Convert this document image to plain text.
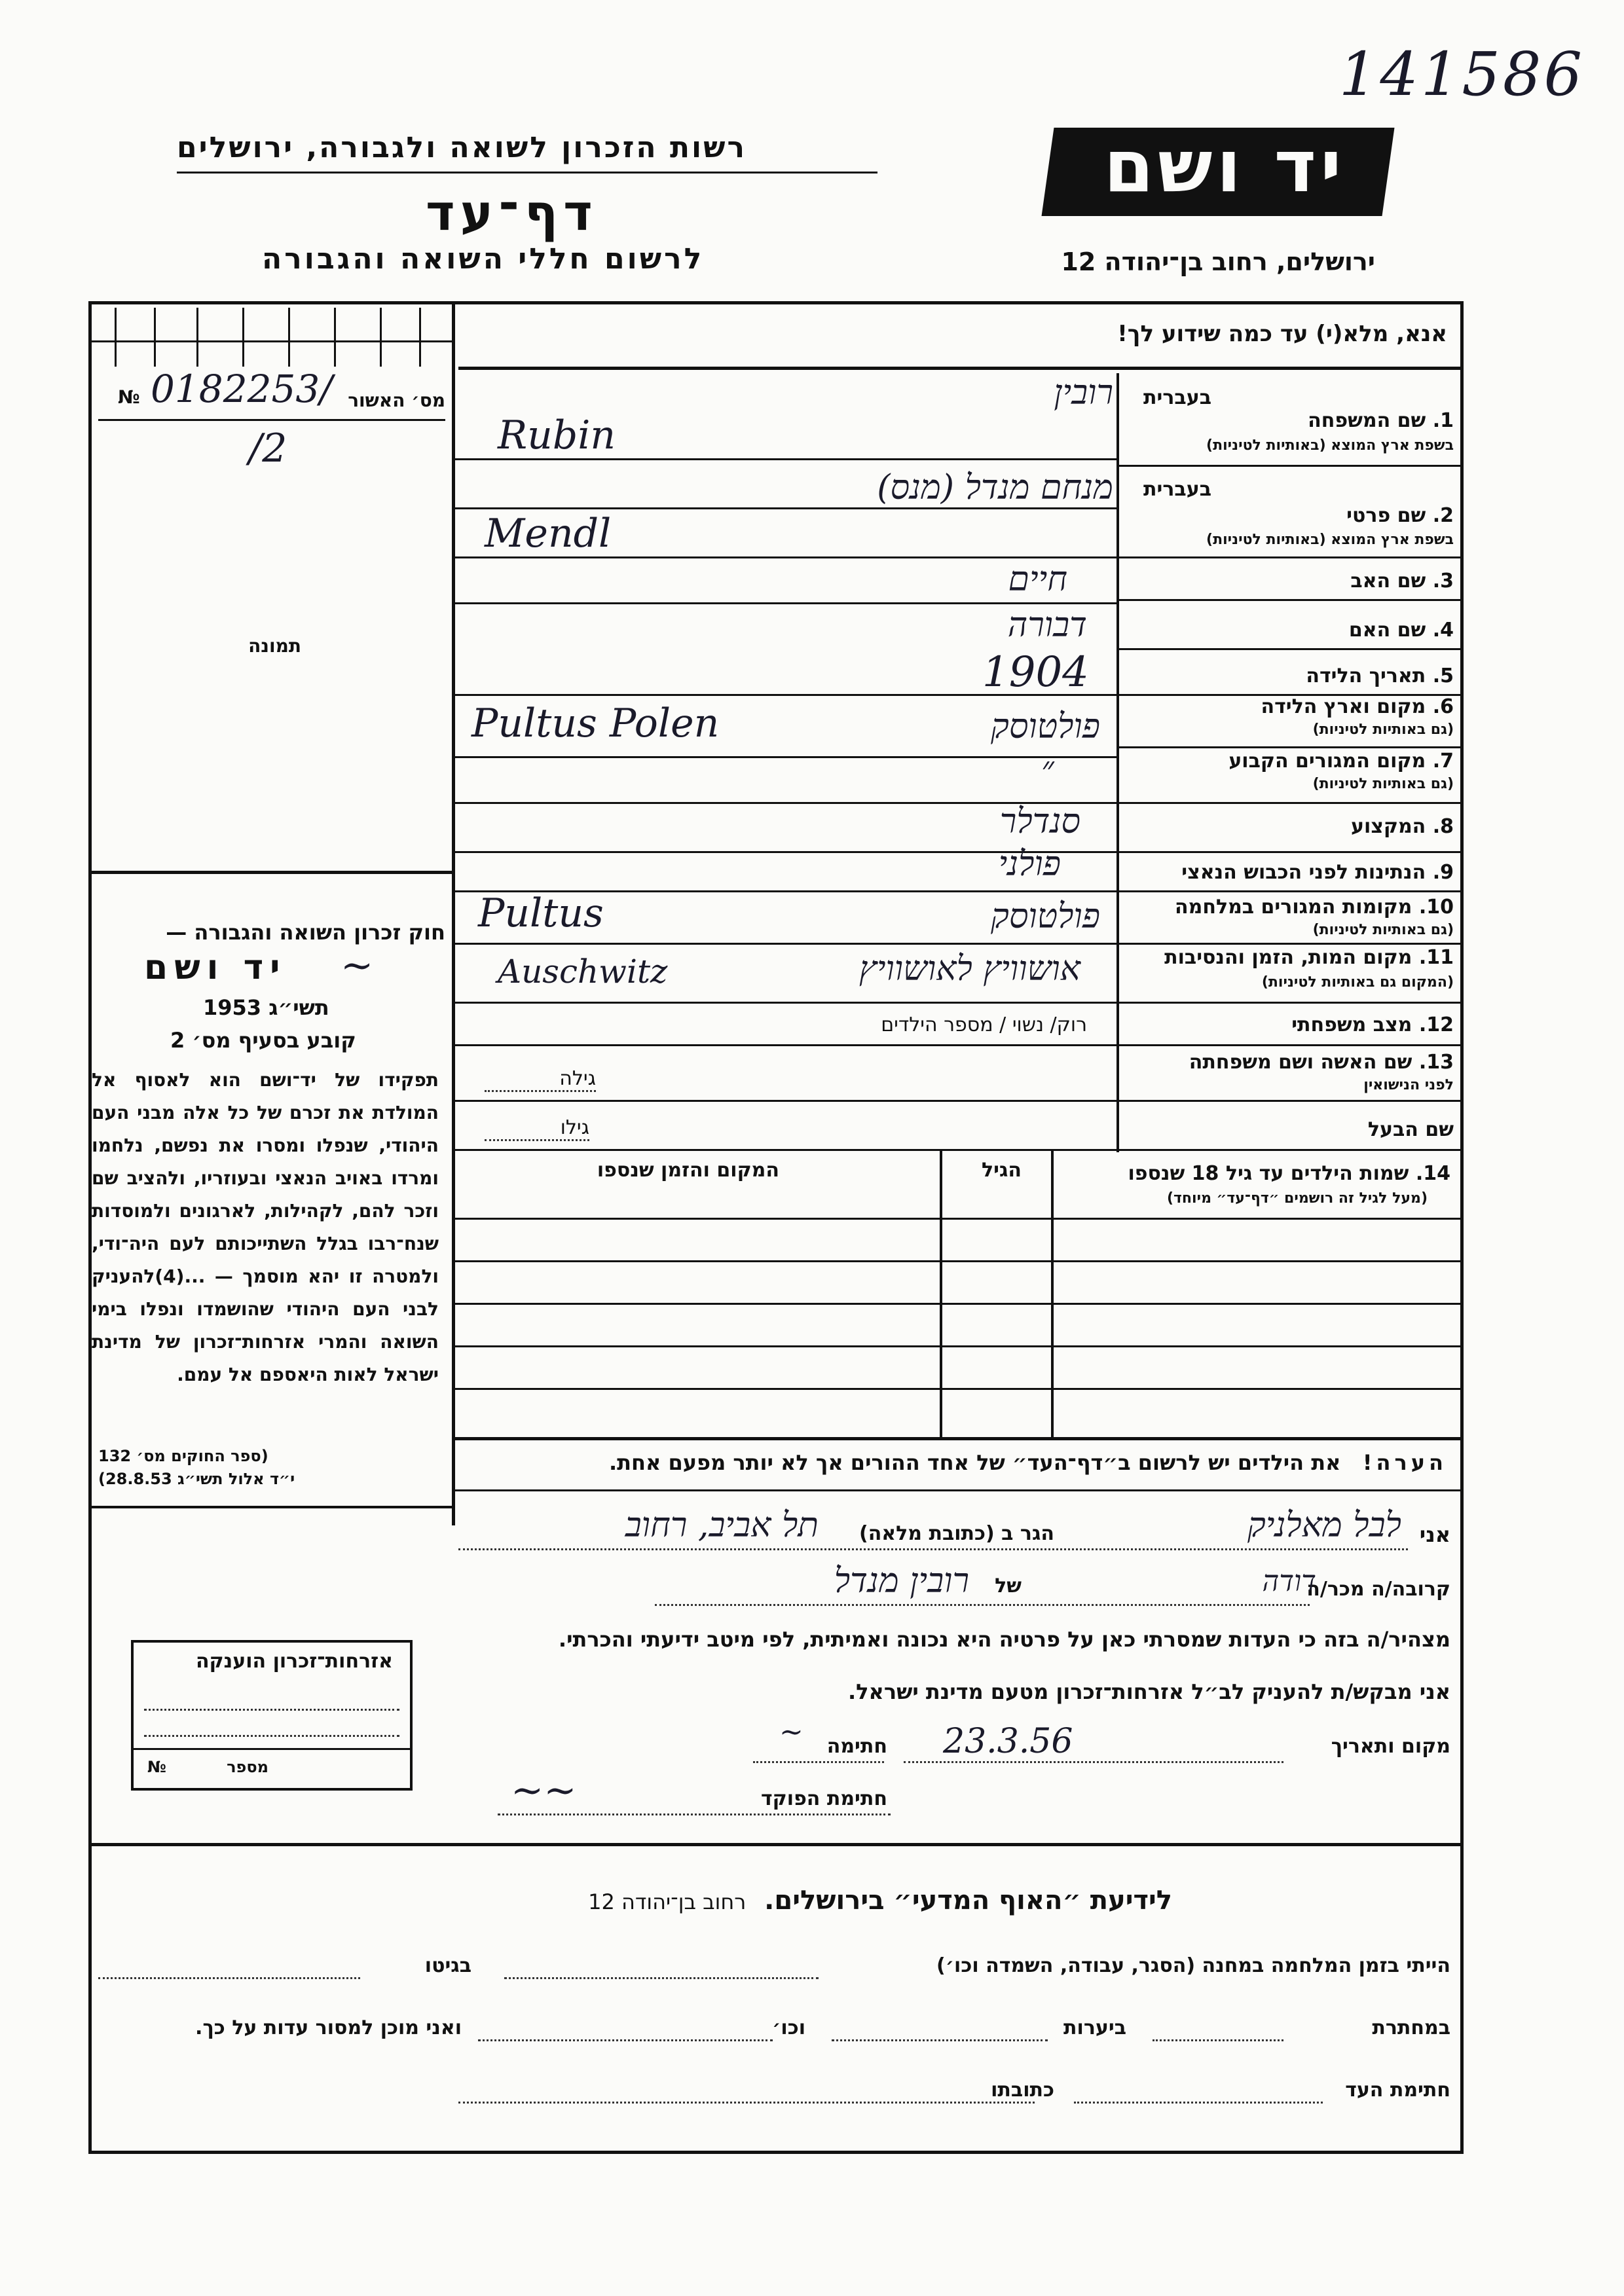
141586
רשות הזכרון לשואה ולגבורה, ירושלים
דף־עד
לרשום חללי השואה והגבורה
יד ושם
ירושלים, רחוב בן־יהודה 12
אנא, מלא(י) עד כמה שידוע לך!
№ 0182253/ מס׳ האשור
/2
תמונה
בעברית
1. שם המשפחה
בשפת ארץ המוצא (באותיות לטיניות)
רובין
Rubin
בעברית
2. שם פרטי
בשפת ארץ המוצא (באותיות לטיניות)
מנחם מנדל (מנס)
Mendl
3. שם האב
חיים
4. שם האם
דבורה
5. תאריך הלידה
1904
6. מקום וארץ הלידה
(גם באותיות לטיניות)
פולטוסק
Pultus Polen
7. מקום המגורים הקבוע
(גם באותיות לטיניות)
״
8. המקצוע
סנדלר
9. הנתינות לפני הכבוש הנאצי
פולני
10. מקומות המגורים במלחמה
(גם באותיות לטיניות)
פולטוסק
Pultus
11. מקום המות, הזמן והנסיבות
(המקום גם באותיות לטיניות)
אושוויץ לאושוויץ
Auschwitz
12. מצב משפחתי
רוק/ נשוי / מספר הילדים
13. שם האשה ושם משפחתה
לפני הנישואין
גילה
שם הבעל
גילו
14. שמות הילדים עד גיל 18 שנספו
(מעל לגיל זה רושמים ״דף־עד״ מיוחד)
הגיל
המקום והזמן שנספו
הערה!   את הילדים יש לרשום ב״דף־העד״ של אחד ההורים אך לא יותר מפעם אחת.
חוק זכרון השואה והגבורה —
יד ושם ~
תשי״ג 1953
קובע בסעיף מס׳ 2
תפקידו של יד־ושם הוא לאסוף אל המולדת את זכרם של כל אלה מבני העם היהודי, שנפלו ומסרו את נפשם, נלחמו ומרדו באויב הנאצי ובעוזריו, ולהציב שם וזכר להם, לקהילות, לארגונים ולמוסדות שנח־רבו בגלל השתייכותם לעם היה־ודי, ולמטרה זו יהא מוסמך — ...(4)להעניק לבני העם היהודי שהושמדו ונפלו בימי השואה והמרי אזרחות־זכרון של מדינת ישראל לאות היאספם אל עמם.
(ספר החוקים מס׳ 132
י״ד אלול תשי״ג 28.8.53)
אני
לבל מאלניק
הגר ב (כתובת מלאה)
תל אביב, רחוב
קרובה/ה מכר/ה
דודה
של
רובין מנדל
מצהיר/ה בזה כי העדות שמסרתי כאן על פרטיה היא נכונה ואמיתית, לפי מיטב ידיעתי והכרתי.
אני מבקש/ת להעניק לב״ל אזרחות־זכרון מטעם מדינת ישראל.
מקום ותאריך
23.3.56
חתימה
~
חתימת הפוקד
~~
אזרחות־זכרון הוענקה
№	מספר
לידיעת ״האוף המדעי״ בירושלים.  רחוב בן־יהודה 12
הייתי בזמן המלחמה במחנה (הסגר, עבודה, השמדה וכו׳)
בגיטו
במחתרת
ביערות
וכו׳
ואני מוכן למסור עדות על כך.
חתימת העד
כתובתו
